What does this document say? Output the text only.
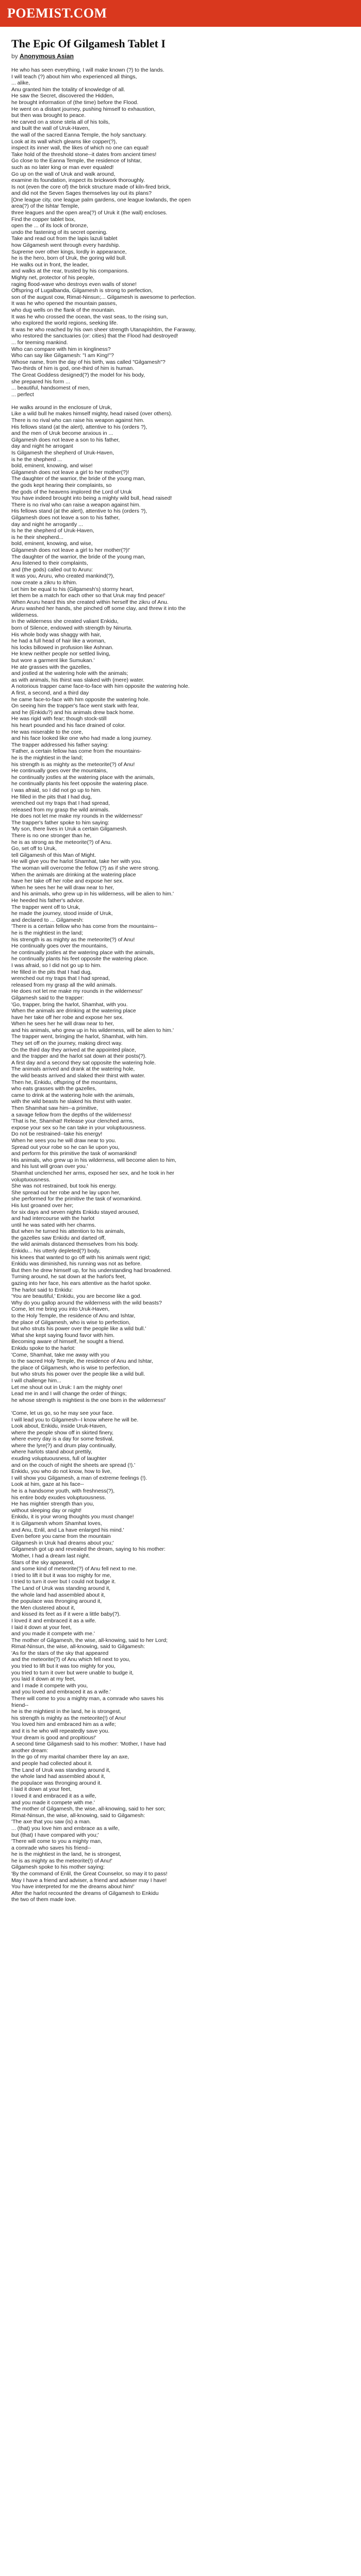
POEMIST.COM
The Epic Of Gilgamesh Tablet I
by Anonymous Asian
He who has seen everything, I will make known (?) to the lands.
I will teach (?) about him who experienced all things,
... alike,
Anu granted him the totality of knowledge of all.
He saw the Secret, discovered the Hidden,
he brought information of (the time) before the Flood.
He went on a distant journey, pushing himself to exhaustion,
but then was brought to peace.
He carved on a stone stela all of his toils,
and built the wall of Uruk-Haven,
the wall of the sacred Eanna Temple, the holy sanctuary.
Look at its wall which gleams like copper(?),
inspect its inner wall, the likes of which no one can equal!
Take hold of the threshold stone--it dates from ancient times!
Go close to the Eanna Temple, the residence of Ishtar,
such as no later king or man ever equaled!
Go up on the wall of Uruk and walk around,
examine its foundation, inspect its brickwork thoroughly.
Is not (even the core of) the brick structure made of kiln-fired brick,
and did not the Seven Sages themselves lay out its plans?
[One league city, one league palm gardens, one league lowlands, the open
area(?) of the Ishtar Temple,
three leagues and the open area(?) of Uruk it (the wall) encloses.
Find the copper tablet box,
open the ... of its lock of bronze,
undo the fastening of its secret opening.
Take and read out from the lapis lazuli tablet
how Gilgamesh went through every hardship.
Supreme over other kings, lordly in appearance,
he is the hero, born of Uruk, the goring wild bull.
He walks out in front, the leader,
and walks at the rear, trusted by his companions.
Mighty net, protector of his people,
raging flood-wave who destroys even walls of stone!
Offspring of Lugalbanda, Gilgamesh is strong to perfection,
son of the august cow, Rimat-Ninsun;... Gilgamesh is awesome to perfection.
It was he who opened the mountain passes,
who dug wells on the flank of the mountain.
It was he who crossed the ocean, the vast seas, to the rising sun,
who explored the world regions, seeking life.
It was he who reached by his own sheer strength Utanapishtim, the Faraway,
who restored the sanctuaries (or: cities) that the Flood had destroyed!
... for teeming mankind.
Who can compare with him in kingliness?
Who can say like Gilgamesh: "I am King!"?
Whose name, from the day of his birth, was called "Gilgamesh"?
Two-thirds of him is god, one-third of him is human.
The Great Goddess designed(?) the model for his body,
she prepared his form ...
... beautiful, handsomest of men,
... perfect
He walks around in the enclosure of Uruk,
Like a wild bull he makes himself mighty, head raised (over others).
There is no rival who can raise his weapon against him.
His fellows stand (at the alert), attentive to his (orders ?),
and the men of Uruk become anxious in ...
Gilgamesh does not leave a son to his father,
day and night he arrogant
Is Gilgamesh the shepherd of Uruk-Haven,
is he the shepherd ...
bold, eminent, knowing, and wise!
Gilgamesh does not leave a girl to her mother(?)!
The daughter of the warrior, the bride of the young man,
the gods kept hearing their complaints, so
the gods of the heavens implored the Lord of Uruk
You have indeed brought into being a mighty wild bull, head raised!
There is no rival who can raise a weapon against him.
His fellows stand (at the alert), attentive to his (orders ?),
Gilgamesh does not leave a son to his father,
day and night he arrogantly ...
Is he the shepherd of Uruk-Haven,
is he their shepherd...
bold, eminent, knowing, and wise,
Gilgamesh does not leave a girl to her mother(?)!'
The daughter of the warrior, the bride of the young man,
Anu listened to their complaints,
and (the gods) called out to Aruru:
It was you, Aruru, who created mankind(?),
now create a zikru to it/him.
Let him be equal to his (Gilgamesh's) stormy heart,
let them be a match for each other so that Uruk may find peace!'
When Aruru heard this she created within herself the zikru of Anu.
Aruru washed her hands, she pinched off some clay, and threw it into the
wilderness.
In the wilderness she created valiant Enkidu,
born of Silence, endowed with strength by Ninurta.
His whole body was shaggy with hair,
he had a full head of hair like a woman,
his locks billowed in profusion like Ashnan.
He knew neither people nor settled living,
but wore a garment like Sumukan.'
He ate grasses with the gazelles,
and jostled at the watering hole with the animals;
as with animals, his thirst was slaked with (mere) water.
A notorious trapper came face-to-face with him opposite the watering hole.
A first, a second, and a third day
he came face-to-face with him opposite the watering hole.
On seeing him the trapper's face went stark with fear,
and he (Enkidu?) and his animals drew back home.
He was rigid with fear; though stock-still
his heart pounded and his face drained of color.
He was miserable to the core,
and his face looked like one who had made a long journey.
The trapper addressed his father saying:
'Father, a certain fellow has come from the mountains-
he is the mightiest in the land;
his strength is as mighty as the meteorite(?) of Anu!
He continually goes over the mountains,
he continually jostles at the watering place with the animals,
he continually plants his feet opposite the watering place.
I was afraid, so I did not go up to him.
He filled in the pits that I had dug,
wrenched out my traps that I had spread,
released from my grasp the wild animals.
He does not let me make my rounds in the wilderness!'
The trapper's father spoke to him saying:
'My son, there lives in Uruk a certain Gilgamesh.
There is no one stronger than he,
he is as strong as the meteorite(?) of Anu.
Go, set off to Uruk,
tell Gilgamesh of this Man of Might.
He will give you the harlot Shamhat, take her with you.
The woman will overcome the fellow (?) as if she were strong.
When the animals are drinking at the watering place
have her take off her robe and expose her sex.
When he sees her he will draw near to her,
and his animals, who grew up in his wilderness, will be alien to him.'
He heeded his father's advice.
The trapper went off to Uruk,
he made the journey, stood inside of Uruk,
and declared to ... Gilgamesh:
'There is a certain fellow who has come from the mountains--
he is the mightiest in the land;
his strength is as mighty as the meteorite(?) of Anu!
He continually goes over the mountains,
he continually jostles at the watering place with the animals,
he continually plants his feet opposite the watering place.
I was afraid, so I did not go up to him.
He filled in the pits that I had dug,
wrenched out my traps that I had spread,
released from my grasp all the wild animals.
He does not let me make my rounds in the wilderness!'
Gilgamesh said to the trapper:
'Go, trapper, bring the harlot, Shamhat, with you.
When the animals are drinking at the watering place
have her take off her robe and expose her sex.
When he sees her he will draw near to her,
and his animals, who grew up in his wilderness, will be alien to him.'
The trapper went, bringing the harlot, Shamhat, with him.
They set off on the journey, making direct way.
On the third day they arrived at the appointed place,
and the trapper and the harlot sat down at their posts(?).
A first day and a second they sat opposite the watering hole.
The animals arrived and drank at the watering hole,
the wild beasts arrived and slaked their thirst with water.
Then he, Enkidu, offspring of the mountains,
who eats grasses with the gazelles,
came to drink at the watering hole with the animals,
with the wild beasts he slaked his thirst with water.
Then Shamhat saw him--a primitive,
a savage fellow from the depths of the wilderness!
'That is he, Shamhat! Release your clenched arms,
expose your sex so he can take in your voluptuousness.
Do not be restrained--take his energy!
When he sees you he will draw near to you.
Spread out your robe so he can lie upon you,
and perform for this primitive the task of womankind!
His animals, who grew up in his wilderness, will become alien to him,
and his lust will groan over you.'
Shamhat unclenched her arms, exposed her sex, and he took in her
voluptuousness.
She was not restrained, but took his energy.
She spread out her robe and he lay upon her,
she performed for the primitive the task of womankind.
His lust groaned over her;
for six days and seven nights Enkidu stayed aroused,
and had intercourse with the harlot
until he was sated with her charms.
But when he turned his attention to his animals,
the gazelles saw Enkidu and darted off,
the wild animals distanced themselves from his body.
Enkidu... his utterly depleted(?) body,
his knees that wanted to go off with his animals went rigid;
Enkidu was diminished, his running was not as before.
But then he drew himself up, for his understanding had broadened.
Turning around, he sat down at the harlot's feet,
gazing into her face, his ears attentive as the harlot spoke.
The harlot said to Enkidu:
'You are beautiful,' Enkidu, you are become like a god.
Why do you gallop around the wilderness with the wild beasts?
Come, let me bring you into Uruk-Haven,
to the Holy Temple, the residence of Anu and Ishtar,
the place of Gilgamesh, who is wise to perfection,
but who struts his power over the people like a wild bull.'
What she kept saying found favor with him.
Becoming aware of himself, he sought a friend.
Enkidu spoke to the harlot:
'Come, Shamhat, take me away with you
to the sacred Holy Temple, the residence of Anu and Ishtar,
the place of Gilgamesh, who is wise to perfection,
but who struts his power over the people like a wild bull.
I will challenge him...
Let me shout out in Uruk: I am the mighty one!
Lead me in and I will change the order of things;
he whose strength is mightiest is the one born in the wilderness!'
'Come, let us go, so he may see your face.
I will lead you to Gilgamesh--I know where he will be.
Look about, Enkidu, inside Uruk-Haven,
where the people show off in skirted finery,
where every day is a day for some festival,
where the lyre(?) and drum play continually,
where harlots stand about prettily,
exuding voluptuousness, full of laughter
and on the couch of night the sheets are spread (!).'
Enkidu, you who do not know, how to live,
I will show you Gilgamesh, a man of extreme feelings (!).
Look at him, gaze at his face--
he is a handsome youth, with freshness(?),
his entire body exudes voluptuousness.
He has mightier strength than you,
without sleeping day or night!
Enkidu, it is your wrong thoughts you must change!
It is Gilgamesh whom Shamhat loves,
and Anu, Enlil, and La have enlarged his mind.'
Even before you came from the mountain
Gilgamesh in Uruk had dreams about you;'
Gilgamesh got up and revealed the dream, saying to his mother:
'Mother, I had a dream last night.
Stars of the sky appeared,
and some kind of meteorite(?) of Anu fell next to me.
I tried to lift it but it was too mighty for me,
I tried to turn it over but I could not budge it.
The Land of Uruk was standing around it,
the whole land had assembled about it,
the populace was thronging around it,
the Men clustered about it,
and kissed its feet as if it were a little baby(?).
I loved it and embraced it as a wife.
I laid it down at your feet,
and you made it compete with me.'
The mother of Gilgamesh, the wise, all-knowing, said to her Lord;
Rimat-Ninsun, the wise, all-knowing, said to Gilgamesh:
'As for the stars of the sky that appeared
and the meteorite(?) of Anu which fell next to you,
you tried to lift but it was too mighty for you,
you tried to turn it over but were unable to budge it,
you laid it down at my feet,
and I made it compete with you,
and you loved and embraced it as a wife.'
There will come to you a mighty man, a comrade who saves his
friend--
he is the mightiest in the land, he is strongest,
his strength is mighty as the meteorite(!) of Anu!
You loved him and embraced him as a wife;
and it is he who will repeatedly save you.
Your dream is good and propitious!'
A second time Gilgamesh said to his mother: 'Mother, I have had
another dream:
In the go of my marital chamber there lay an axe,
and people had collected about it.
The Land of Uruk was standing around it,
the whole land had assembled about it,
the populace was thronging around it.
I laid it down at your feet,
I loved it and embraced it as a wife,
and you made it compete with me.'
The mother of Gilgamesh, the wise, all-knowing, said to her son;
Rimat-Ninsun, the wise, all-knowing, said to Gilgamesh:
'The axe that you saw (is) a man.
... (that) you love him and embrace as a wife,
but (that) I have compared with you;'
'There will come to you a mighty man,
a comrade who saves his friend--
he is the mightiest in the land, he is strongest,
he is as mighty as the meteorite(!) of Anu!'
Gilgamesh spoke to his mother saying:
'By the command of Enlil, the Great Counselor, so may it to pass!
May I have a friend and adviser, a friend and adviser may I have!
You have interpreted for me the dreams about him!'
After the harlot recounted the dreams of Gilgamesh to Enkidu
the two of them made love.
